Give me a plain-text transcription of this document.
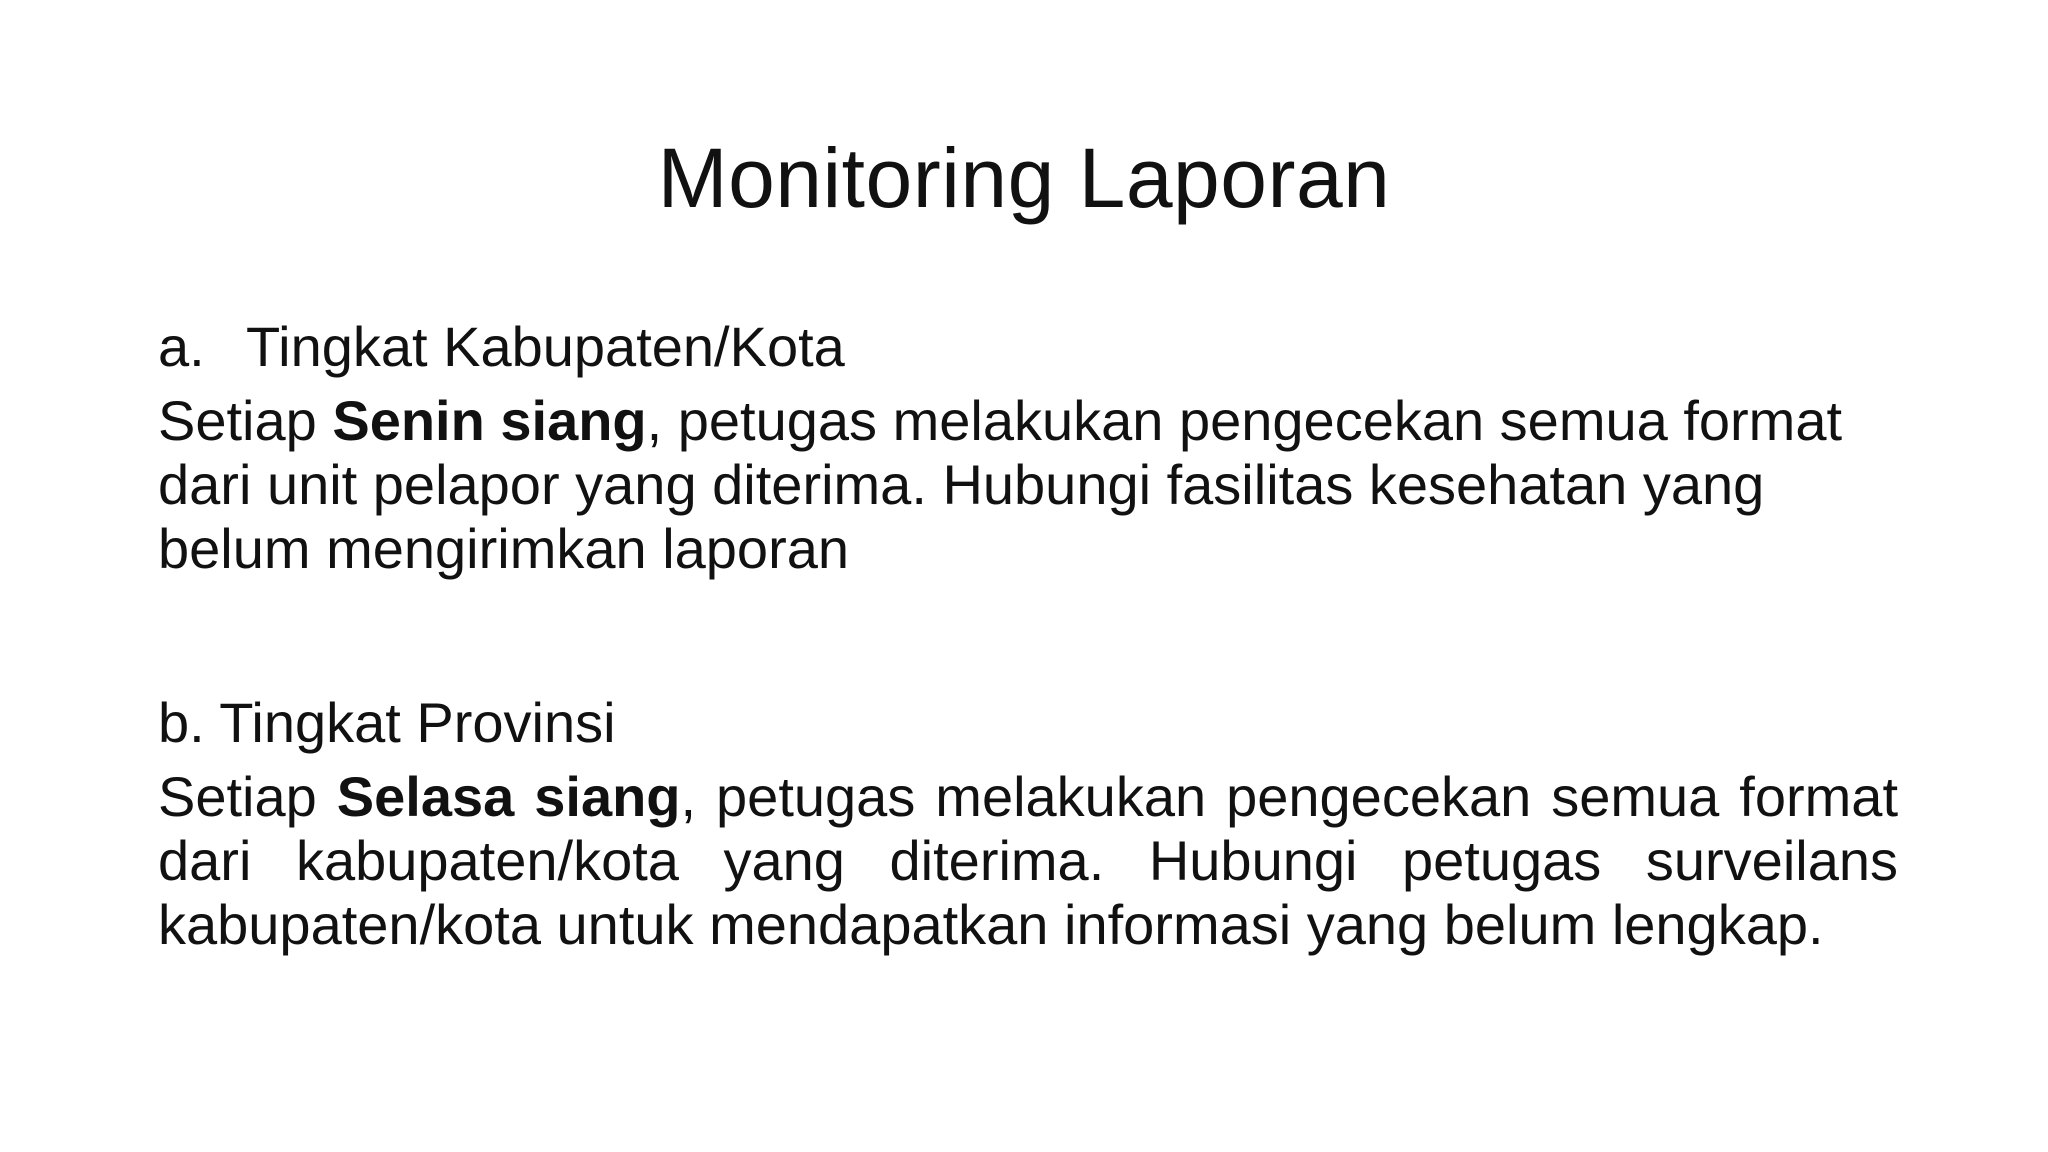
Monitoring Laporan
a. Tingkat Kabupaten/Kota

Setiap Senin siang, petugas melakukan pengecekan semua format dari unit pelapor yang diterima. Hubungi fasilitas kesehatan yang belum mengirimkan laporan

b. Tingkat Provinsi

Setiap Selasa siang, petugas melakukan pengecekan semua format dari kabupaten/kota yang diterima. Hubungi petugas surveilans kabupaten/kota untuk mendapatkan informasi yang belum lengkap.
